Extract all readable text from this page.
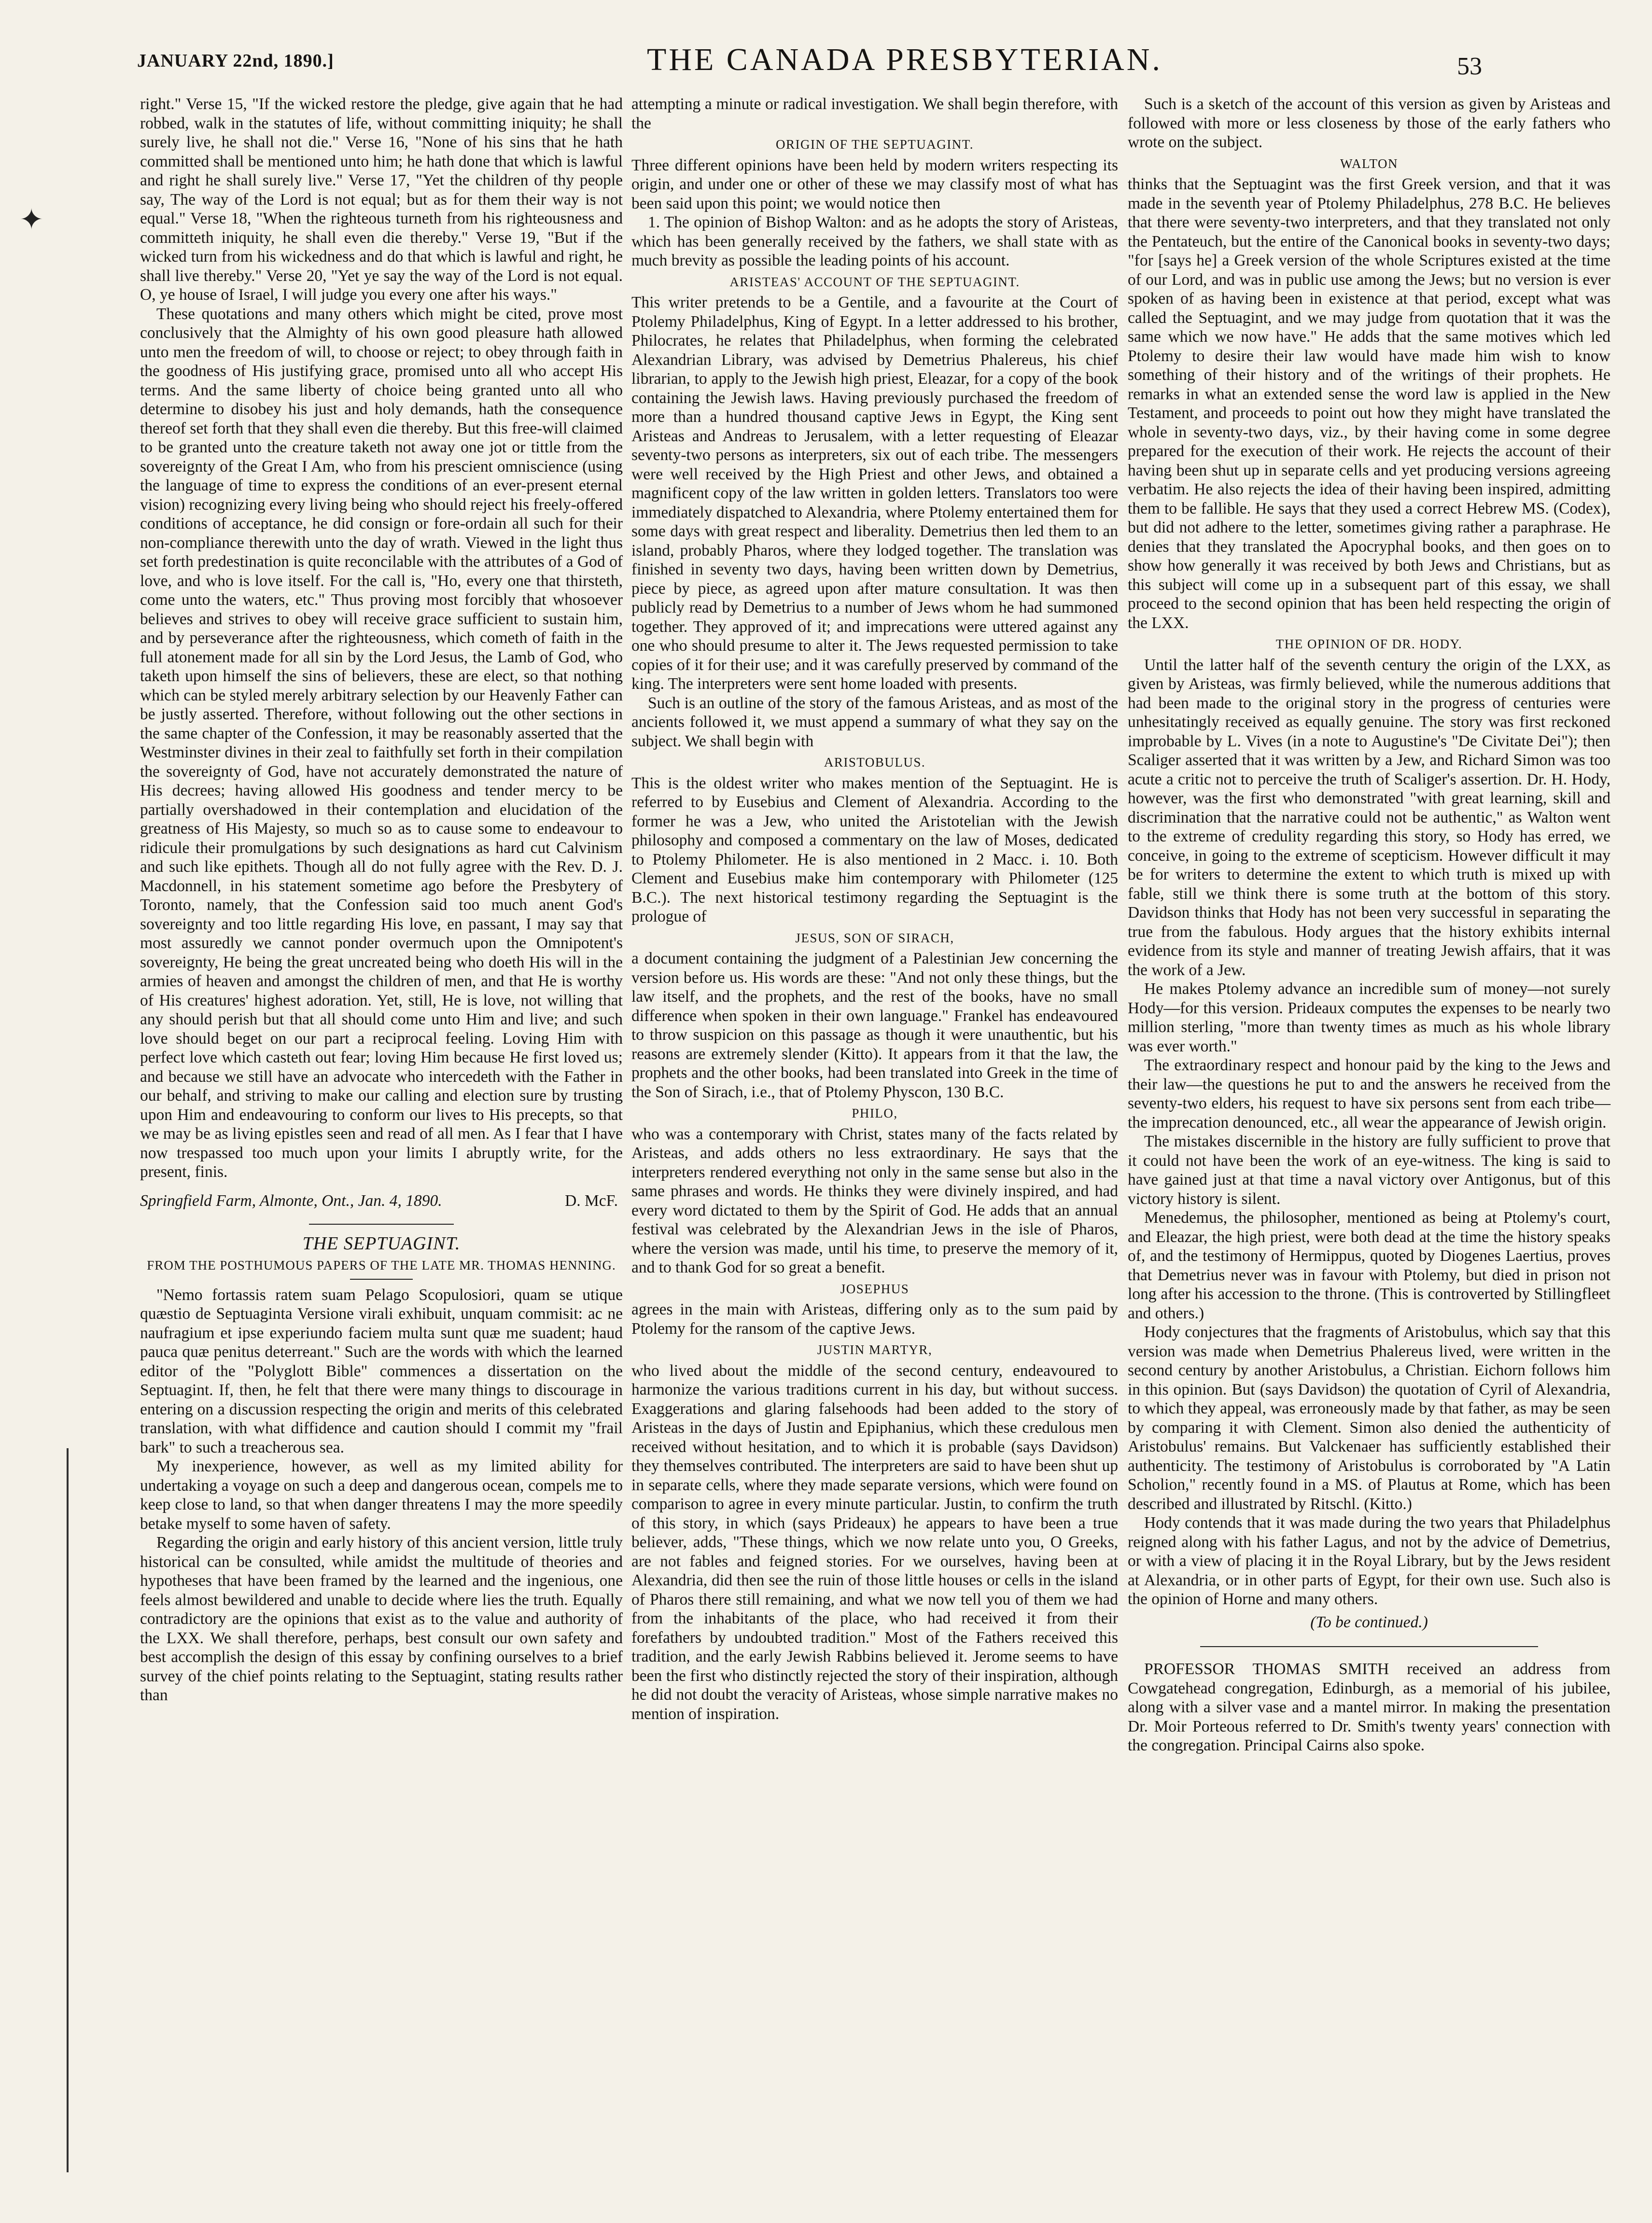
JANUARY 22nd, 1890.]	THE CANADA PRESBYTERIAN.	53
✦

right." Verse 15, "If the wicked restore the pledge, give again that he had robbed, walk in the statutes of life, without committing iniquity; he shall surely live, he shall not die." Verse 16, "None of his sins that he hath committed shall be mentioned unto him; he hath done that which is lawful and right he shall surely live." Verse 17, "Yet the children of thy people say, The way of the Lord is not equal; but as for them their way is not equal." Verse 18, "When the righteous turneth from his righteousness and committeth iniquity, he shall even die thereby." Verse 19, "But if the wicked turn from his wickedness and do that which is lawful and right, he shall live thereby." Verse 20, "Yet ye say the way of the Lord is not equal. O, ye house of Israel, I will judge you every one after his ways."

These quotations and many others which might be cited, prove most conclusively that the Almighty of his own good pleasure hath allowed unto men the freedom of will, to choose or reject; to obey through faith in the goodness of His justifying grace, promised unto all who accept His terms. And the same liberty of choice being granted unto all who determine to disobey his just and holy demands, hath the consequence thereof set forth that they shall even die thereby. But this free-will claimed to be granted unto the creature taketh not away one jot or tittle from the sovereignty of the Great I Am, who from his prescient omniscience (using the language of time to express the conditions of an ever-present eternal vision) recognizing every living being who should reject his freely-offered conditions of acceptance, he did consign or fore-ordain all such for their non-compliance therewith unto the day of wrath. Viewed in the light thus set forth predestination is quite reconcilable with the attributes of a God of love, and who is love itself. For the call is, "Ho, every one that thirsteth, come unto the waters, etc." Thus proving most forcibly that whosoever believes and strives to obey will receive grace sufficient to sustain him, and by perseverance after the righteousness, which cometh of faith in the full atonement made for all sin by the Lord Jesus, the Lamb of God, who taketh upon himself the sins of believers, these are elect, so that nothing which can be styled merely arbitrary selection by our Heavenly Father can be justly asserted. Therefore, without following out the other sections in the same chapter of the Confession, it may be reasonably asserted that the Westminster divines in their zeal to faithfully set forth in their compilation the sovereignty of God, have not accurately demonstrated the nature of His decrees; having allowed His goodness and tender mercy to be partially overshadowed in their contemplation and elucidation of the greatness of His Majesty, so much so as to cause some to endeavour to ridicule their promulgations by such designations as hard cut Calvinism and such like epithets. Though all do not fully agree with the Rev. D. J. Macdonnell, in his statement sometime ago before the Presbytery of Toronto, namely, that the Confession said too much anent God's sovereignty and too little regarding His love, en passant, I may say that most assuredly we cannot ponder overmuch upon the Omnipotent's sovereignty, He being the great uncreated being who doeth His will in the armies of heaven and amongst the children of men, and that He is worthy of His creatures' highest adoration. Yet, still, He is love, not willing that any should perish but that all should come unto Him and live; and such love should beget on our part a reciprocal feeling. Loving Him with perfect love which casteth out fear; loving Him because He first loved us; and because we still have an advocate who intercedeth with the Father in our behalf, and striving to make our calling and election sure by trusting upon Him and endeavouring to conform our lives to His precepts, so that we may be as living epistles seen and read of all men. As I fear that I have now trespassed too much upon your limits I abruptly write, for the present, finis.

Springfield Farm, Almonte, Ont., Jan. 4, 1890.	D. McF.
THE SEPTUAGINT.
FROM THE POSTHUMOUS PAPERS OF THE LATE MR. THOMAS HENNING.

"Nemo fortassis ratem suam Pelago Scopulosiori, quam se utique quæstio de Septuaginta Versione virali exhibuit, unquam commisit: ac ne naufragium et ipse experiundo faciem multa sunt quæ me suadent; haud pauca quæ penitus deterreant." Such are the words with which the learned editor of the "Polyglott Bible" commences a dissertation on the Septuagint. If, then, he felt that there were many things to discourage in entering on a discussion respecting the origin and merits of this celebrated translation, with what diffidence and caution should I commit my "frail bark" to such a treacherous sea.

My inexperience, however, as well as my limited ability for undertaking a voyage on such a deep and dangerous ocean, compels me to keep close to land, so that when danger threatens I may the more speedily betake myself to some haven of safety.

Regarding the origin and early history of this ancient version, little truly historical can be consulted, while amidst the multitude of theories and hypotheses that have been framed by the learned and the ingenious, one feels almost bewildered and unable to decide where lies the truth. Equally contradictory are the opinions that exist as to the value and authority of the LXX. We shall therefore, perhaps, best consult our own safety and best accomplish the design of this essay by confining ourselves to a brief survey of the chief points relating to the Septuagint, stating results rather than

attempting a minute or radical investigation. We shall begin therefore, with the

ORIGIN OF THE SEPTUAGINT.

Three different opinions have been held by modern writers respecting its origin, and under one or other of these we may classify most of what has been said upon this point; we would notice then

1. The opinion of Bishop Walton: and as he adopts the story of Aristeas, which has been generally received by the fathers, we shall state with as much brevity as possible the leading points of his account.

ARISTEAS' ACCOUNT OF THE SEPTUAGINT.

This writer pretends to be a Gentile, and a favourite at the Court of Ptolemy Philadelphus, King of Egypt. In a letter addressed to his brother, Philocrates, he relates that Philadelphus, when forming the celebrated Alexandrian Library, was advised by Demetrius Phalereus, his chief librarian, to apply to the Jewish high priest, Eleazar, for a copy of the book containing the Jewish laws. Having previously purchased the freedom of more than a hundred thousand captive Jews in Egypt, the King sent Aristeas and Andreas to Jerusalem, with a letter requesting of Eleazar seventy-two persons as interpreters, six out of each tribe. The messengers were well received by the High Priest and other Jews, and obtained a magnificent copy of the law written in golden letters. Translators too were immediately dispatched to Alexandria, where Ptolemy entertained them for some days with great respect and liberality. Demetrius then led them to an island, probably Pharos, where they lodged together. The translation was finished in seventy two days, having been written down by Demetrius, piece by piece, as agreed upon after mature consultation. It was then publicly read by Demetrius to a number of Jews whom he had summoned together. They approved of it; and imprecations were uttered against any one who should presume to alter it. The Jews requested permission to take copies of it for their use; and it was carefully preserved by command of the king. The interpreters were sent home loaded with presents.

Such is an outline of the story of the famous Aristeas, and as most of the ancients followed it, we must append a summary of what they say on the subject. We shall begin with

ARISTOBULUS.

This is the oldest writer who makes mention of the Septuagint. He is referred to by Eusebius and Clement of Alexandria. According to the former he was a Jew, who united the Aristotelian with the Jewish philosophy and composed a commentary on the law of Moses, dedicated to Ptolemy Philometer. He is also mentioned in 2 Macc. i. 10. Both Clement and Eusebius make him contemporary with Philometer (125 B.C.). The next historical testimony regarding the Septuagint is the prologue of

JESUS, SON OF SIRACH,

a document containing the judgment of a Palestinian Jew concerning the version before us. His words are these: "And not only these things, but the law itself, and the prophets, and the rest of the books, have no small difference when spoken in their own language." Frankel has endeavoured to throw suspicion on this passage as though it were unauthentic, but his reasons are extremely slender (Kitto). It appears from it that the law, the prophets and the other books, had been translated into Greek in the time of the Son of Sirach, i.e., that of Ptolemy Physcon, 130 B.C.

PHILO,

who was a contemporary with Christ, states many of the facts related by Aristeas, and adds others no less extraordinary. He says that the interpreters rendered everything not only in the same sense but also in the same phrases and words. He thinks they were divinely inspired, and had every word dictated to them by the Spirit of God. He adds that an annual festival was celebrated by the Alexandrian Jews in the isle of Pharos, where the version was made, until his time, to preserve the memory of it, and to thank God for so great a benefit.

JOSEPHUS

agrees in the main with Aristeas, differing only as to the sum paid by Ptolemy for the ransom of the captive Jews.

JUSTIN MARTYR,

who lived about the middle of the second century, endeavoured to harmonize the various traditions current in his day, but without success. Exaggerations and glaring falsehoods had been added to the story of Aristeas in the days of Justin and Epiphanius, which these credulous men received without hesitation, and to which it is probable (says Davidson) they themselves contributed. The interpreters are said to have been shut up in separate cells, where they made separate versions, which were found on comparison to agree in every minute particular. Justin, to confirm the truth of this story, in which (says Prideaux) he appears to have been a true believer, adds, "These things, which we now relate unto you, O Greeks, are not fables and feigned stories. For we ourselves, having been at Alexandria, did then see the ruin of those little houses or cells in the island of Pharos there still remaining, and what we now tell you of them we had from the inhabitants of the place, who had received it from their forefathers by undoubted tradition." Most of the Fathers received this tradition, and the early Jewish Rabbins believed it. Jerome seems to have been the first who distinctly rejected the story of their inspiration, although he did not doubt the veracity of Aristeas, whose simple narrative makes no mention of inspiration.

Such is a sketch of the account of this version as given by Aristeas and followed with more or less closeness by those of the early fathers who wrote on the subject.

WALTON

thinks that the Septuagint was the first Greek version, and that it was made in the seventh year of Ptolemy Philadelphus, 278 B.C. He believes that there were seventy-two interpreters, and that they translated not only the Pentateuch, but the entire of the Canonical books in seventy-two days; "for [says he] a Greek version of the whole Scriptures existed at the time of our Lord, and was in public use among the Jews; but no version is ever spoken of as having been in existence at that period, except what was called the Septuagint, and we may judge from quotation that it was the same which we now have." He adds that the same motives which led Ptolemy to desire their law would have made him wish to know something of their history and of the writings of their prophets. He remarks in what an extended sense the word law is applied in the New Testament, and proceeds to point out how they might have translated the whole in seventy-two days, viz., by their having come in some degree prepared for the execution of their work. He rejects the account of their having been shut up in separate cells and yet producing versions agreeing verbatim. He also rejects the idea of their having been inspired, admitting them to be fallible. He says that they used a correct Hebrew MS. (Codex), but did not adhere to the letter, sometimes giving rather a paraphrase. He denies that they translated the Apocryphal books, and then goes on to show how generally it was received by both Jews and Christians, but as this subject will come up in a subsequent part of this essay, we shall proceed to the second opinion that has been held respecting the origin of the LXX.

THE OPINION OF DR. HODY.

Until the latter half of the seventh century the origin of the LXX, as given by Aristeas, was firmly believed, while the numerous additions that had been made to the original story in the progress of centuries were unhesitatingly received as equally genuine. The story was first reckoned improbable by L. Vives (in a note to Augustine's "De Civitate Dei"); then Scaliger asserted that it was written by a Jew, and Richard Simon was too acute a critic not to perceive the truth of Scaliger's assertion. Dr. H. Hody, however, was the first who demonstrated "with great learning, skill and discrimination that the narrative could not be authentic," as Walton went to the extreme of credulity regarding this story, so Hody has erred, we conceive, in going to the extreme of scepticism. However difficult it may be for writers to determine the extent to which truth is mixed up with fable, still we think there is some truth at the bottom of this story. Davidson thinks that Hody has not been very successful in separating the true from the fabulous. Hody argues that the history exhibits internal evidence from its style and manner of treating Jewish affairs, that it was the work of a Jew.

He makes Ptolemy advance an incredible sum of money—not surely Hody—for this version. Prideaux computes the expenses to be nearly two million sterling, "more than twenty times as much as his whole library was ever worth."

The extraordinary respect and honour paid by the king to the Jews and their law—the questions he put to and the answers he received from the seventy-two elders, his request to have six persons sent from each tribe—the imprecation denounced, etc., all wear the appearance of Jewish origin.

The mistakes discernible in the history are fully sufficient to prove that it could not have been the work of an eye-witness. The king is said to have gained just at that time a naval victory over Antigonus, but of this victory history is silent.

Menedemus, the philosopher, mentioned as being at Ptolemy's court, and Eleazar, the high priest, were both dead at the time the history speaks of, and the testimony of Hermippus, quoted by Diogenes Laertius, proves that Demetrius never was in favour with Ptolemy, but died in prison not long after his accession to the throne. (This is controverted by Stillingfleet and others.)

Hody conjectures that the fragments of Aristobulus, which say that this version was made when Demetrius Phalereus lived, were written in the second century by another Aristobulus, a Christian. Eichorn follows him in this opinion. But (says Davidson) the quotation of Cyril of Alexandria, to which they appeal, was erroneously made by that father, as may be seen by comparing it with Clement. Simon also denied the authenticity of Aristobulus' remains. But Valckenaer has sufficiently established their authenticity. The testimony of Aristobulus is corroborated by "A Latin Scholion," recently found in a MS. of Plautus at Rome, which has been described and illustrated by Ritschl. (Kitto.)

Hody contends that it was made during the two years that Philadelphus reigned along with his father Lagus, and not by the advice of Demetrius, or with a view of placing it in the Royal Library, but by the Jews resident at Alexandria, or in other parts of Egypt, for their own use. Such also is the opinion of Horne and many others.

(To be continued.)

PROFESSOR THOMAS SMITH received an address from Cowgatehead congregation, Edinburgh, as a memorial of his jubilee, along with a silver vase and a mantel mirror. In making the presentation Dr. Moir Porteous referred to Dr. Smith's twenty years' connection with the congregation. Principal Cairns also spoke.
